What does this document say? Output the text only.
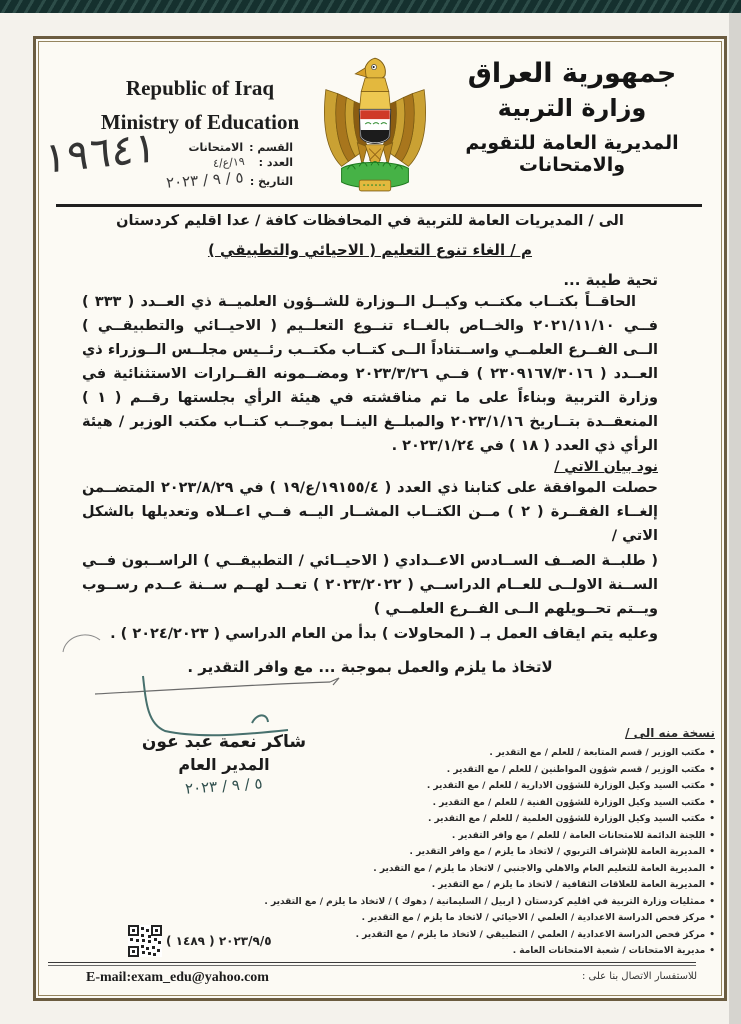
Republic of Iraq
Ministry of Education
١٩٦٤١	القسم :
الامتحانات
العدد :
⁦١٩/ع/٤⁩
التاريخ :
٥ / ٩ / ٢٠٢٣
جمهورية العراق
وزارة التربية
المديرية العامة للتقويم والامتحانات
الى / المديريات العامة للتربية في المحافظات كافة / عدا اقليم كردستان
م / الغاء تنوع التعليم ( الاحيائي والتطبيقي )
تحية طيبة ...
الحاقــاً بكتــاب مكتــب وكيــل الــوزارة للشــؤون العلميــة ذي العــدد ( ٣٣٣ ) فــي ٢٠٢١/١١/١٠ والخــاص بالغــاء تنــوع التعلــيم ( الاحيــائي والتطبيقــي ) الــى الفــرع العلمــي واســتناداً الــى كتــاب مكتــب رئــيس مجلــس الــوزراء ذي العــدد ( ٢٣٠٩١٦٧/٣٠١٦ ) فــي ٢٠٢٣/٣/٢٦ ومضــمونه القــرارات الاستثنائية في وزارة التربية وبناءاً على ما تم مناقشته في هيئة الرأي بجلستها رقــم ( ١ ) المنعقــدة بتــاريخ ٢٠٢٣/١/١٦ والمبلــغ الينــا بموجــب كتــاب مكتب الوزير / هيئة الرأي ذي العدد ( ١٨ ) في ٢٠٢٣/١/٢٤ .
نود بيان الاتي /
حصلت الموافقة على كتابنا ذي العدد ( ⁦١٩١٥٥/٤/ع/١٩⁩ ) في ٢٠٢٣/٨/٢٩ المتضــمن إلغــاء الفقــرة ( ٢ ) مــن الكتــاب المشــار اليــه فــي اعــلاه وتعديلها بالشكل الاتي /
( طلبــة الصــف الســادس الاعــدادي ( الاحيــائي / التطبيقــي ) الراســبون فــي الســنة الاولــى للعــام الدراســي ( ٢٠٢٣/٢٠٢٢ ) تعــد لهــم ســنة عــدم رســوب ويــتم تحــويلهم الــى الفــرع العلمــي )
وعليه يتم ايقاف العمل بـ ( المحاولات ) بدأ من العام الدراسي ( ٢٠٢٤/٢٠٢٣ ) .
لاتخاذ ما يلزم والعمل بموجبة ... مع وافر التقدير .
شاكر نعمة عبد عون
المدير العام
٥ / ٩ / ٢٠٢٣
نسخة منه الى /
•
مكتب الوزير / قسم المتابعة / للعلم / مع التقدير .
•
مكتب الوزير / قسم شؤون المواطنين / للعلم / مع التقدير .
•
مكتب السيد وكيل الوزارة للشؤون الادارية / للعلم / مع التقدير .
•
مكتب السيد وكيل الوزارة للشؤون الفنية / للعلم / مع التقدير .
•
مكتب السيد وكيل الوزارة للشؤون العلمية / للعلم / مع التقدير .
•
اللجنة الدائمة للامتحانات العامة / للعلم / مع وافر التقدير .
•
المديرية العامة للإشراف التربوي / لاتخاذ ما يلزم / مع وافر التقدير .
•
المديرية العامة للتعليم العام والاهلي والاجنبي / لاتخاذ ما يلزم / مع التقدير .
•
المديرية العامة للعلاقات الثقافية / لاتخاذ ما يلزم / مع التقدير .
•
ممثليات وزارة التربية في اقليم كردستان ( اربيل / السليمانية / دهوك ) / لاتخاذ ما يلزم / مع التقدير .
•
مركز فحص الدراسة الاعدادية / العلمي / الاحيائي / لاتخاذ ما يلزم / مع التقدير .
•
مركز فحص الدراسة الاعدادية / العلمي / التطبيقي / لاتخاذ ما يلزم / مع التقدير .
•
مديرية الامتحانات / شعبة الامتحانات العامة .
٢٠٢٣/٩/٥ ( ١٤٨٩ )
E-mail:exam_edu@yahoo.com	للاستفسار الاتصال بنا على :
